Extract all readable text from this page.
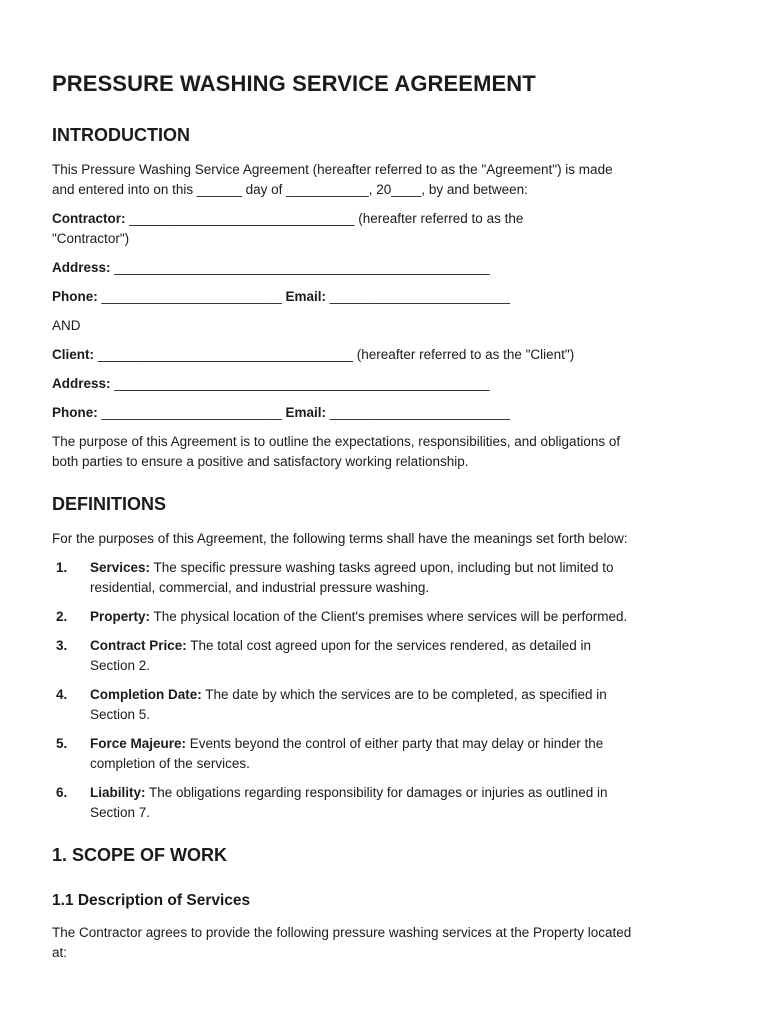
PRESSURE WASHING SERVICE AGREEMENT
INTRODUCTION

This Pressure Washing Service Agreement (hereafter referred to as the "Agreement") is made

and entered into on this ______ day of ___________, 20____, by and between:

Contractor: ______________________________ (hereafter referred to as the

"Contractor")

Address: __________________________________________________

Phone: ________________________ Email: ________________________

AND

Client: __________________________________ (hereafter referred to as the "Client")

Address: __________________________________________________

Phone: ________________________ Email: ________________________

The purpose of this Agreement is to outline the expectations, responsibilities, and obligations of

both parties to ensure a positive and satisfactory working relationship.

DEFINITIONS

For the purposes of this Agreement, the following terms shall have the meanings set forth below:

1. Services: The specific pressure washing tasks agreed upon, including but not limited to
residential, commercial, and industrial pressure washing.

2. Property: The physical location of the Client's premises where services will be performed.

3. Contract Price: The total cost agreed upon for the services rendered, as detailed in
Section 2.

4. Completion Date: The date by which the services are to be completed, as specified in
Section 5.

5. Force Majeure: Events beyond the control of either party that may delay or hinder the
completion of the services.

6. Liability: The obligations regarding responsibility for damages or injuries as outlined in
Section 7.

1. SCOPE OF WORK
1.1 Description of Services

The Contractor agrees to provide the following pressure washing services at the Property located

at:
